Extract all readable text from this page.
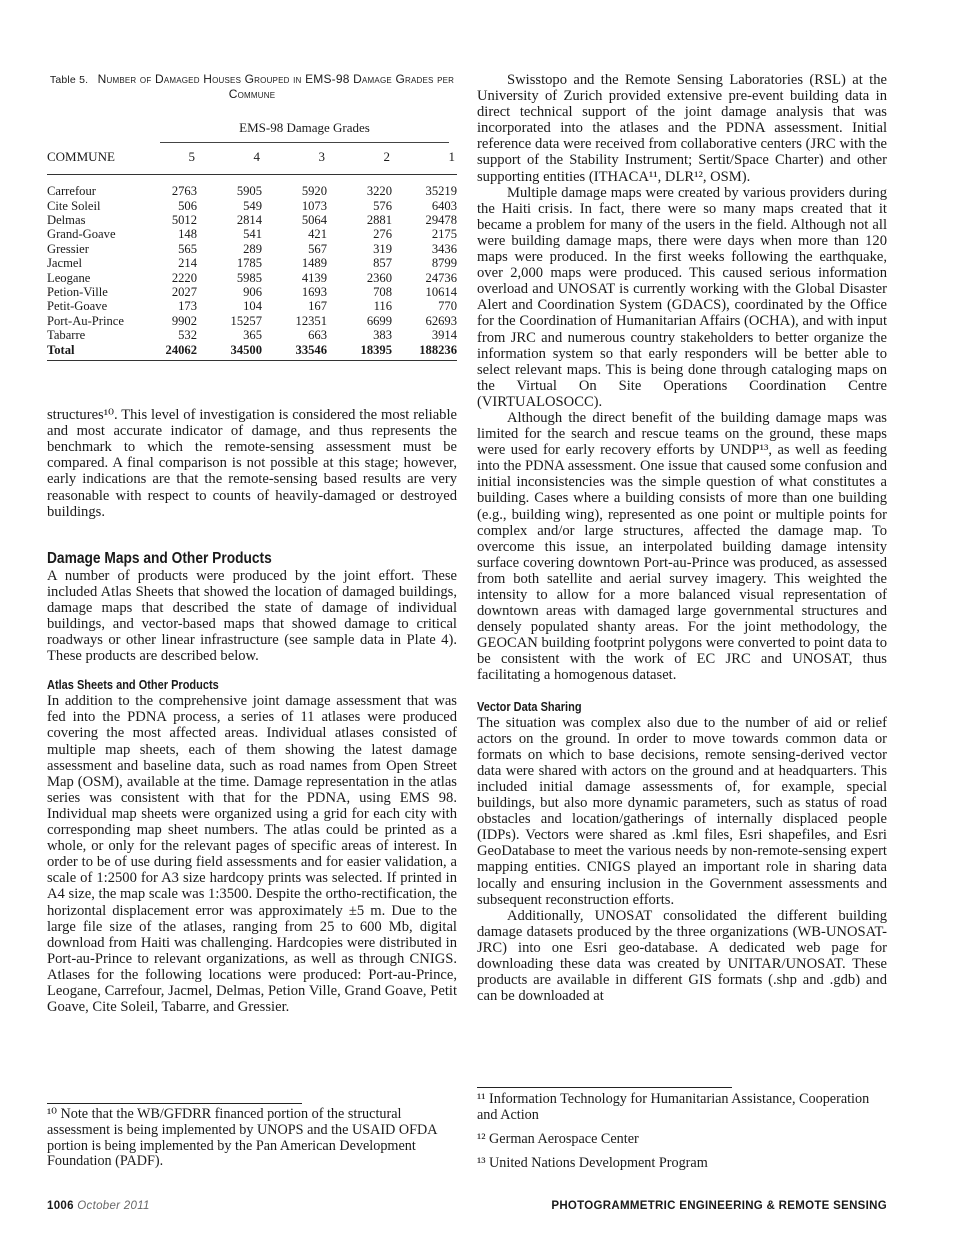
Table 5. Number of Damaged Houses Grouped in EMS-98 Damage Grades per Commune

	EMS-98 Damage Grades				

COMMUNE	5	4	3	2	1
Carrefour	2763	5905	5920	3220	35219
Cite Soleil	506	549	1073	576	6403
Delmas	5012	2814	5064	2881	29478
Grand-Goave	148	541	421	276	2175
Gressier	565	289	567	319	3436
Jacmel	214	1785	1489	857	8799
Leogane	2220	5985	4139	2360	24736
Petion-Ville	2027	906	1693	708	10614
Petit-Goave	173	104	167	116	770
Port-Au-Prince	9902	15257	12351	6699	62693
Tabarre	532	365	663	383	3914
Total	24062	34500	33546	18395	188236

structures¹⁰. This level of investigation is considered the most reliable and most accurate indicator of damage, and thus represents the benchmark to which the remote-sensing assessment must be compared. A final comparison is not possible at this stage; however, early indications are that the remote-sensing based results are very reasonable with respect to counts of heavily-damaged or destroyed buildings.

Damage Maps and Other Products

A number of products were produced by the joint effort. These included Atlas Sheets that showed the location of damaged buildings, damage maps that described the state of damage of individual buildings, and vector-based maps that showed damage to critical roadways or other linear infrastructure (see sample data in Plate 4). These products are described below.

Atlas Sheets and Other Products

In addition to the comprehensive joint damage assessment that was fed into the PDNA process, a series of 11 atlases were produced covering the most affected areas. Individual atlases consisted of multiple map sheets, each of them showing the latest damage assessment and baseline data, such as road names from Open Street Map (OSM), available at the time. Damage representation in the atlas series was consistent with that for the PDNA, using EMS 98. Individual map sheets were organized using a grid for each city with corresponding map sheet numbers. The atlas could be printed as a whole, or only for the relevant pages of specific areas of interest. In order to be of use during field assessments and for easier validation, a scale of 1:2500 for A3 size hardcopy prints was selected. If printed in A4 size, the map scale was 1:3500. Despite the ortho-rectification, the horizontal displacement error was approximately ±5 m. Due to the large file size of the atlases, ranging from 25 to 600 Mb, digital download from Haiti was challenging. Hardcopies were distributed in Port-au-Prince to relevant organizations, as well as through CNIGS. Atlases for the following locations were produced: Port-au-Prince, Leogane, Carrefour, Jacmel, Delmas, Petion Ville, Grand Goave, Petit Goave, Cite Soleil, Tabarre, and Gressier.

¹⁰ Note that the WB/GFDRR financed portion of the structural assessment is being implemented by UNOPS and the USAID OFDA portion is being implemented by the Pan American Development Foundation (PADF).

Swisstopo and the Remote Sensing Laboratories (RSL) at the University of Zurich provided extensive pre-event building data in direct technical support of the joint damage analysis that was incorporated into the atlases and the PDNA assessment. Initial reference data were received from collaborative centers (JRC with the support of the Stability Instrument; Sertit/Space Charter) and other supporting entities (ITHACA¹¹, DLR¹², OSM).

Multiple damage maps were created by various providers during the Haiti crisis. In fact, there were so many maps created that it became a problem for many of the users in the field. Although not all were building damage maps, there were days when more than 120 maps were produced. In the first weeks following the earthquake, over 2,000 maps were produced. This caused serious information overload and UNOSAT is currently working with the Global Disaster Alert and Coordination System (GDACS), coordinated by the Office for the Coordination of Humanitarian Affairs (OCHA), and with input from JRC and numerous country stakeholders to better organize the information system so that early responders will be better able to select relevant maps. This is being done through cataloging maps on the Virtual On Site Operations Coordination Centre (VIRTUALOSOCC).

Although the direct benefit of the building damage maps was limited for the search and rescue teams on the ground, these maps were used for early recovery efforts by UNDP¹³, as well as feeding into the PDNA assessment. One issue that caused some confusion and initial inconsistencies was the simple question of what constitutes a building. Cases where a building consists of more than one building (e.g., building wing), represented as one point or multiple points for complex and/or large structures, affected the damage map. To overcome this issue, an interpolated building damage intensity surface covering downtown Port-au-Prince was produced, as assessed from both satellite and aerial survey imagery. This weighted the intensity to allow for a more balanced visual representation of downtown areas with damaged large governmental structures and densely populated shanty areas. For the joint methodology, the GEOCAN building footprint polygons were converted to point data to be consistent with the work of EC JRC and UNOSAT, thus facilitating a homogenous dataset.

Vector Data Sharing

The situation was complex also due to the number of aid or relief actors on the ground. In order to move towards common data or formats on which to base decisions, remote sensing-derived vector data were shared with actors on the ground and at headquarters. This included initial damage assessments of, for example, special buildings, but also more dynamic parameters, such as status of road obstacles and location/gatherings of internally displaced people (IDPs). Vectors were shared as .kml files, Esri shapefiles, and Esri GeoDatabase to meet the various needs by non-remote-sensing expert mapping entities. CNIGS played an important role in sharing data locally and ensuring inclusion in the Government assessments and subsequent reconstruction efforts.

Additionally, UNOSAT consolidated the different building damage datasets produced by the three organizations (WB-UNOSAT-JRC) into one Esri geo-database. A dedicated web page for downloading these data was created by UNITAR/UNOSAT. These products are available in different GIS formats (.shp and .gdb) and can be downloaded at

¹¹ Information Technology for Humanitarian Assistance, Cooperation and Action
¹² German Aerospace Center
¹³ United Nations Development Program
1006 October 2011	PHOTOGRAMMETRIC ENGINEERING & REMOTE SENSING
